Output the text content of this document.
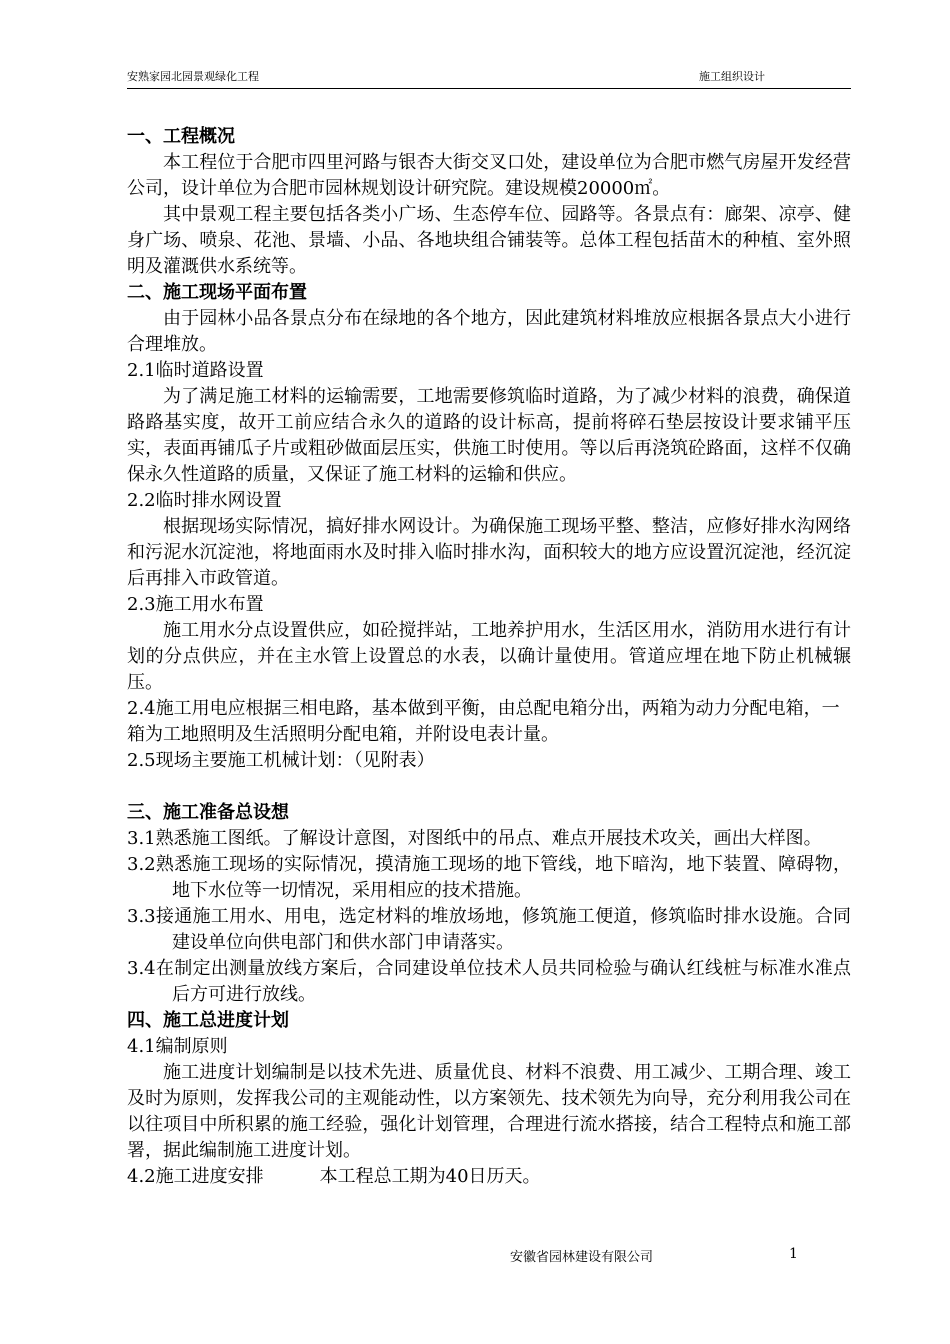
安熟家园北园景观绿化工程	施工组织设计

一、工程概况

本工程位于合肥市四里河路与银杏大街交叉口处，建设单位为合肥市燃气房屋开发经营公司，设计单位为合肥市园林规划设计研究院。建设规模20000㎡。

其中景观工程主要包括各类小广场、生态停车位、园路等。各景点有：廊架、凉亭、健身广场、喷泉、花池、景墙、小品、各地块组合铺装等。总体工程包括苗木的种植、室外照明及灌溉供水系统等。

二、施工现场平面布置

由于园林小品各景点分布在绿地的各个地方，因此建筑材料堆放应根据各景点大小进行合理堆放。

2.1临时道路设置

为了满足施工材料的运输需要，工地需要修筑临时道路，为了减少材料的浪费，确保道路路基实度，故开工前应结合永久的道路的设计标高，提前将碎石垫层按设计要求铺平压实，表面再铺瓜子片或粗砂做面层压实，供施工时使用。等以后再浇筑砼路面，这样不仅确保永久性道路的质量，又保证了施工材料的运输和供应。

2.2临时排水网设置

根据现场实际情况，搞好排水网设计。为确保施工现场平整、整洁，应修好排水沟网络和污泥水沉淀池，将地面雨水及时排入临时排水沟，面积较大的地方应设置沉淀池，经沉淀后再排入市政管道。

2.3施工用水布置

施工用水分点设置供应，如砼搅拌站，工地养护用水，生活区用水，消防用水进行有计划的分点供应，并在主水管上设置总的水表，以确计量使用。管道应埋在地下防止机械辗压。

2.4施工用电应根据三相电路，基本做到平衡，由总配电箱分出，两箱为动力分配电箱，一箱为工地照明及生活照明分配电箱，并附设电表计量。

2.5现场主要施工机械计划：（见附表）

三、施工准备总设想

3.1熟悉施工图纸。了解设计意图，对图纸中的吊点、难点开展技术攻关，画出大样图。

3.2熟悉施工现场的实际情况，摸清施工现场的地下管线，地下暗沟，地下装置、障碍物，地下水位等一切情况，采用相应的技术措施。

3.3接通施工用水、用电，选定材料的堆放场地，修筑施工便道，修筑临时排水设施。合同建设单位向供电部门和供水部门申请落实。

3.4在制定出测量放线方案后，合同建设单位技术人员共同检验与确认红线桩与标准水准点后方可进行放线。

四、施工总进度计划

4.1编制原则

施工进度计划编制是以技术先进、质量优良、材料不浪费、用工减少、工期合理、竣工及时为原则，发挥我公司的主观能动性，以方案领先、技术领先为向导，充分利用我公司在以往项目中所积累的施工经验，强化计划管理，合理进行流水搭接，结合工程特点和施工部署，据此编制施工进度计划。

4.2施工进度安排	本工程总工期为40日历天。

安徽省园林建设有限公司	1
